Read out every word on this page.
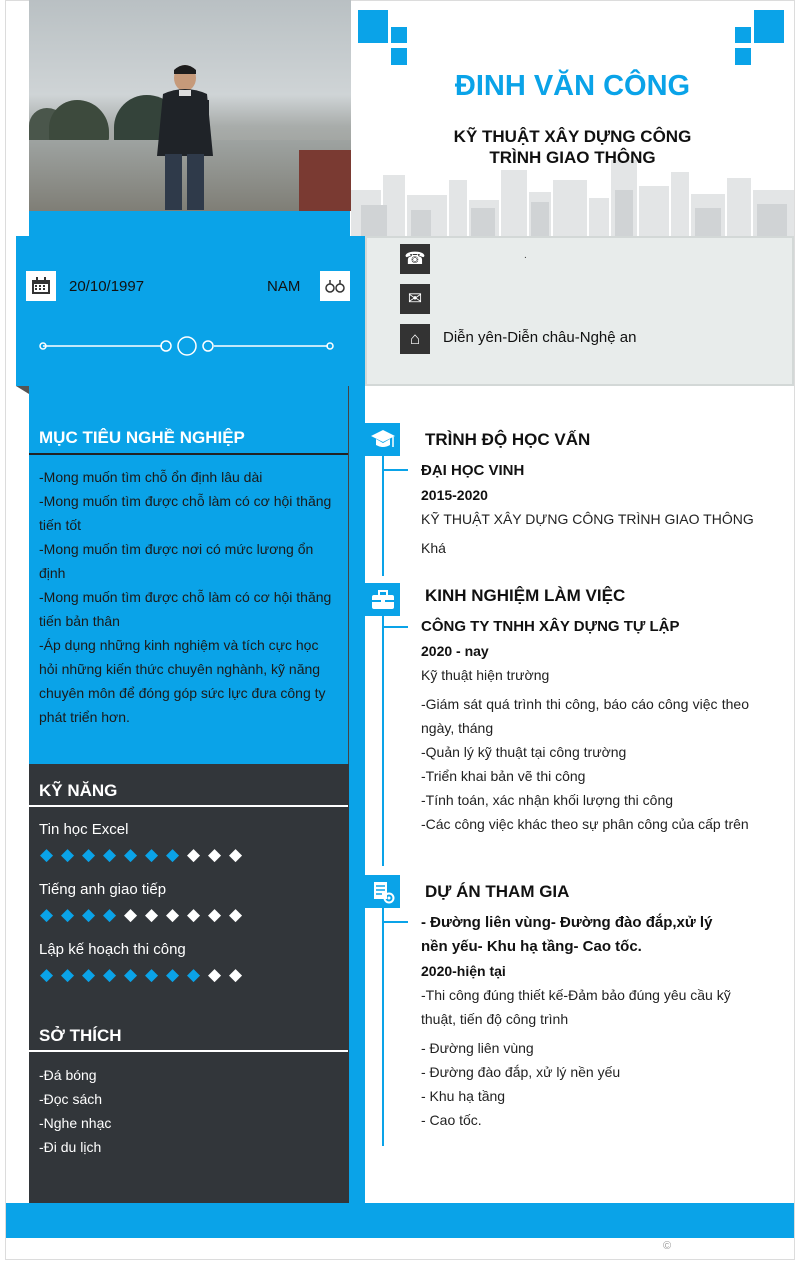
ĐINH VĂN CÔNG
KỸ THUẬT XÂY DỰNG CÔNG
TRÌNH GIAO THÔNG
20/10/1997	NAM
☎	.
✉
⌂	Diễn yên-Diễn châu-Nghệ an
MỤC TIÊU NGHỀ NGHIỆP
-Mong muốn tìm chỗ ổn định lâu dài
-Mong muốn tìm được chỗ làm có cơ hội thăng tiến tốt
-Mong muốn tìm được nơi có mức lương ổn định
-Mong muốn tìm được chỗ làm có cơ hội thăng tiến bản thân
-Áp dụng những kinh nghiệm và tích cực học hỏi những kiến thức chuyên nghành, kỹ năng chuyên môn để đóng góp sức lực đưa công ty phát triển hơn.
KỸ NĂNG
Tin học Excel
◆ ◆ ◆ ◆ ◆ ◆ ◆ ◆ ◆ ◆
Tiếng anh giao tiếp
◆ ◆ ◆ ◆ ◆ ◆ ◆ ◆ ◆ ◆
Lập kế hoạch thi công
◆ ◆ ◆ ◆ ◆ ◆ ◆ ◆ ◆ ◆
SỞ THÍCH
-Đá bóng
-Đọc sách
-Nghe nhạc
-Đi du lịch
TRÌNH ĐỘ HỌC VẤN
ĐẠI HỌC VINH
2015-2020
KỸ THUẬT XÂY DỰNG CÔNG TRÌNH GIAO THÔNG
Khá
KINH NGHIỆM LÀM VIỆC
CÔNG TY TNHH XÂY DỰNG TỰ LẬP
2020 - nay
Kỹ thuật hiện trường
-Giám sát quá trình thi công, báo cáo công việc theo ngày, tháng
-Quản lý kỹ thuật tại công trường
-Triển khai bản vẽ thi công
-Tính toán, xác nhận khối lượng thi công
-Các công việc khác theo sự phân công của cấp trên
DỰ ÁN THAM GIA
- Đường liên vùng- Đường đào đắp,xử lý
nền yếu- Khu hạ tầng- Cao tốc.
2020-hiện tại
-Thi công đúng thiết kế-Đảm bảo đúng yêu cầu kỹ thuật, tiến độ công trình
- Đường liên vùng
- Đường đào đắp, xử lý nền yếu
- Khu hạ tầng
- Cao tốc.
©
